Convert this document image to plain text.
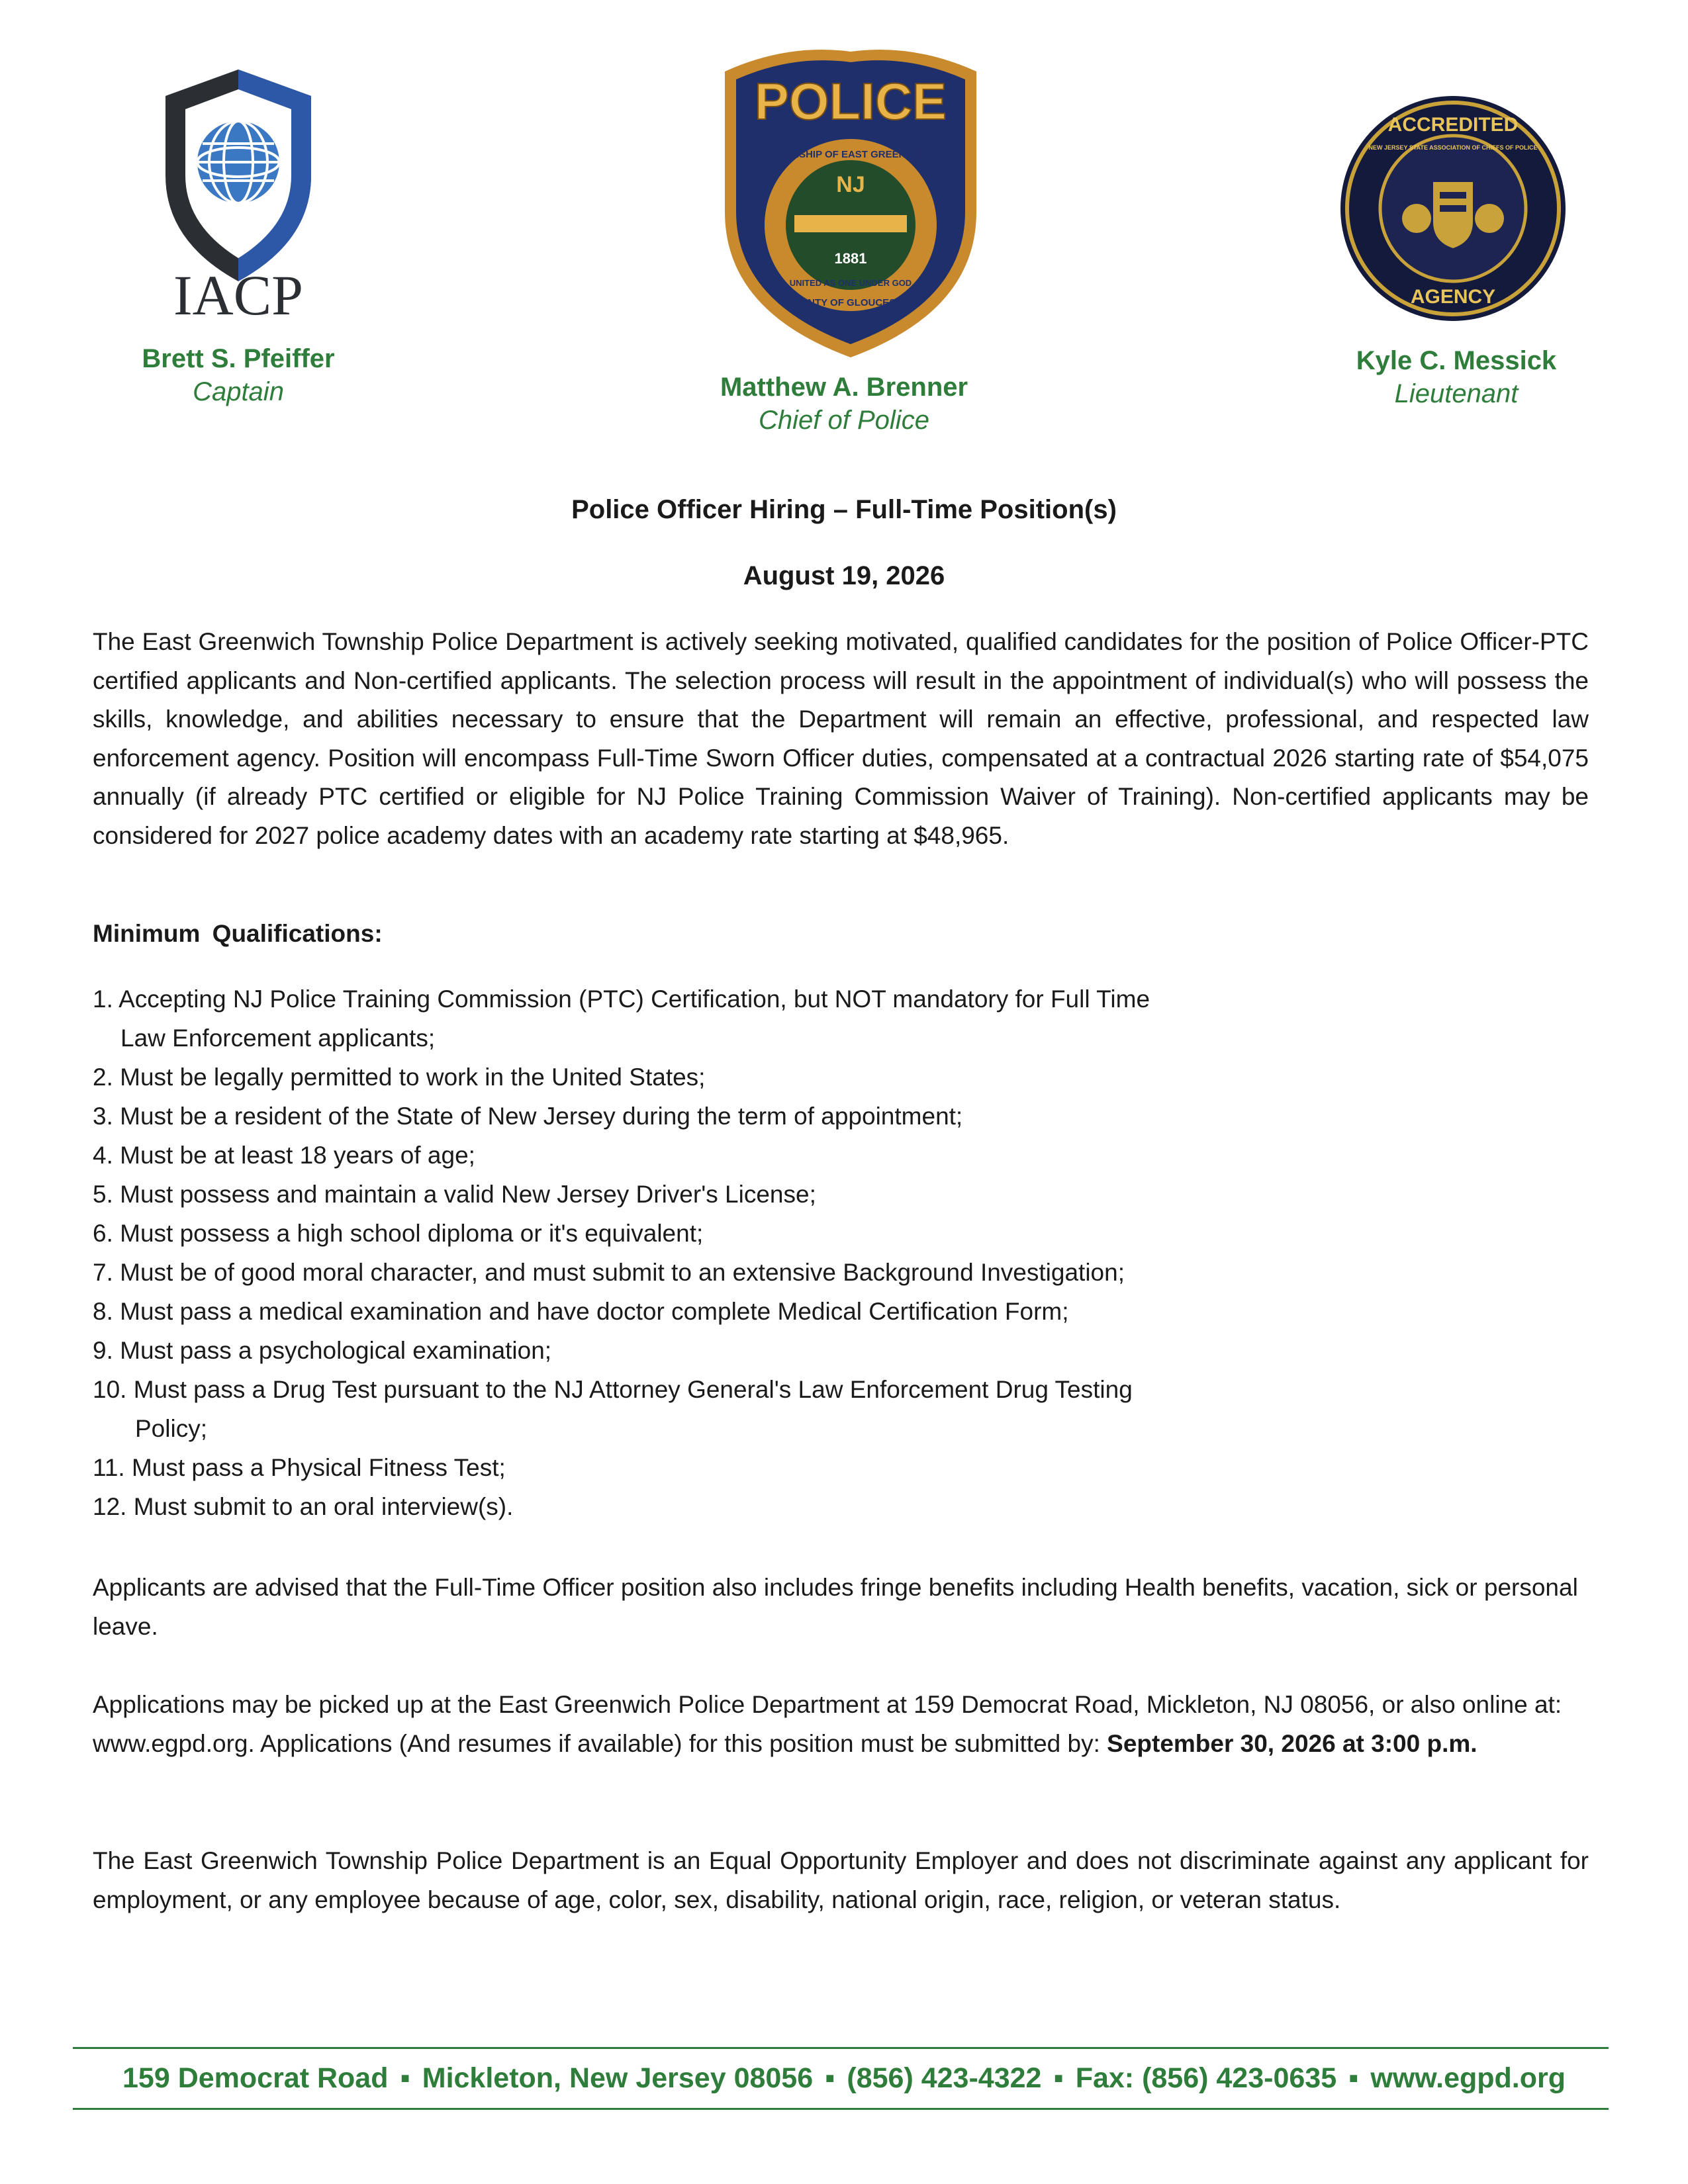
IACP
POLICE
NJ
1881
TOWNSHIP OF EAST GREENWICH
UNITED AS ONE UNDER GOD
COUNTY OF GLOUCESTER
ACCREDITED
NEW JERSEY STATE ASSOCIATION OF CHIEFS OF POLICE
AGENCY
Brett S. Pfeiffer
Captain	Matthew A. Brenner
Chief of Police
Kyle C. Messick
Lieutenant
Police Officer Hiring – Full-Time Position(s)
August 19, 2026
The East Greenwich Township Police Department is actively seeking motivated, qualified candidates for the position of Police Officer-PTC certified applicants and Non-certified applicants. The selection process will result in the appointment of individual(s) who will possess the skills, knowledge, and abilities necessary to ensure that the Department will remain an effective, professional, and respected law enforcement agency. Position will encompass Full-Time Sworn Officer duties, compensated at a contractual 2026 starting rate of $54,075 annually (if already PTC certified or eligible for NJ Police Training Commission Waiver of Training). Non-certified applicants may be considered for 2027 police academy dates with an academy rate starting at $48,965.
Minimum Qualifications:
1. Accepting NJ Police Training Commission (PTC) Certification, but NOT mandatory for Full Time
Law Enforcement applicants;
2. Must be legally permitted to work in the United States;
3. Must be a resident of the State of New Jersey during the term of appointment;
4. Must be at least 18 years of age;
5. Must possess and maintain a valid New Jersey Driver's License;
6. Must possess a high school diploma or it's equivalent;
7. Must be of good moral character, and must submit to an extensive Background Investigation;
8. Must pass a medical examination and have doctor complete Medical Certification Form;
9. Must pass a psychological examination;
10. Must pass a Drug Test pursuant to the NJ Attorney General's Law Enforcement Drug Testing
Policy;
11. Must pass a Physical Fitness Test;
12. Must submit to an oral interview(s).
Applicants are advised that the Full-Time Officer position also includes fringe benefits including Health benefits, vacation, sick or personal leave.
Applications may be picked up at the East Greenwich Police Department at 159 Democrat Road, Mickleton, NJ 08056, or also online at: www.egpd.org. Applications (And resumes if available) for this position must be submitted by: September 30, 2026 at 3:00 p.m.
The East Greenwich Township Police Department is an Equal Opportunity Employer and does not discriminate against any applicant for employment, or any employee because of age, color, sex, disability, national origin, race, religion, or veteran status.
159 Democrat Road ▪ Mickleton, New Jersey 08056 ▪ (856) 423-4322 ▪ Fax: (856) 423-0635 ▪ www.egpd.org
